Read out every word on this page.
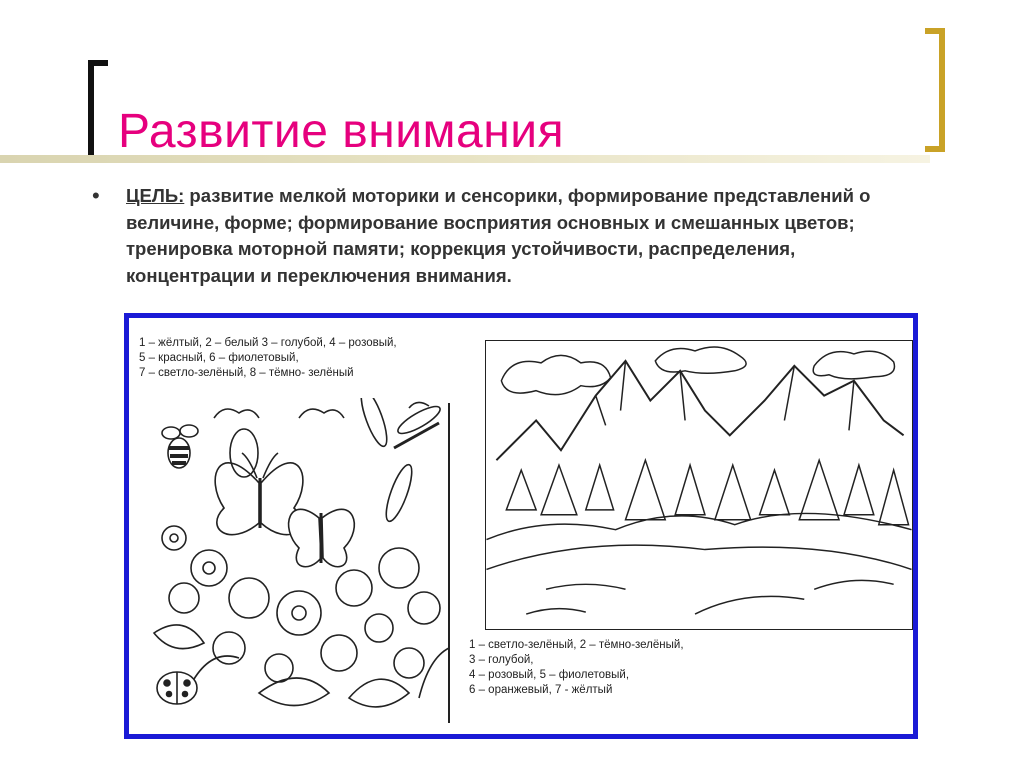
Развитие внимания
• ЦЕЛЬ: развитие мелкой моторики и сенсорики, формирование представлений о величине, форме; формирование восприятия основных и смешанных цветов; тренировка моторной памяти; коррекция устойчивости, распределения, концентрации и переключения внимания.
1 – жёлтый, 2 – белый 3 – голубой, 4 – розовый,
5 – красный, 6 – фиолетовый,
7 – светло-зелёный, 8 – тёмно- зелёный
1 – светло-зелёный, 2 – тёмно-зелёный,
3 – голубой,
4 – розовый, 5 – фиолетовый,
6 – оранжевый, 7 - жёлтый
